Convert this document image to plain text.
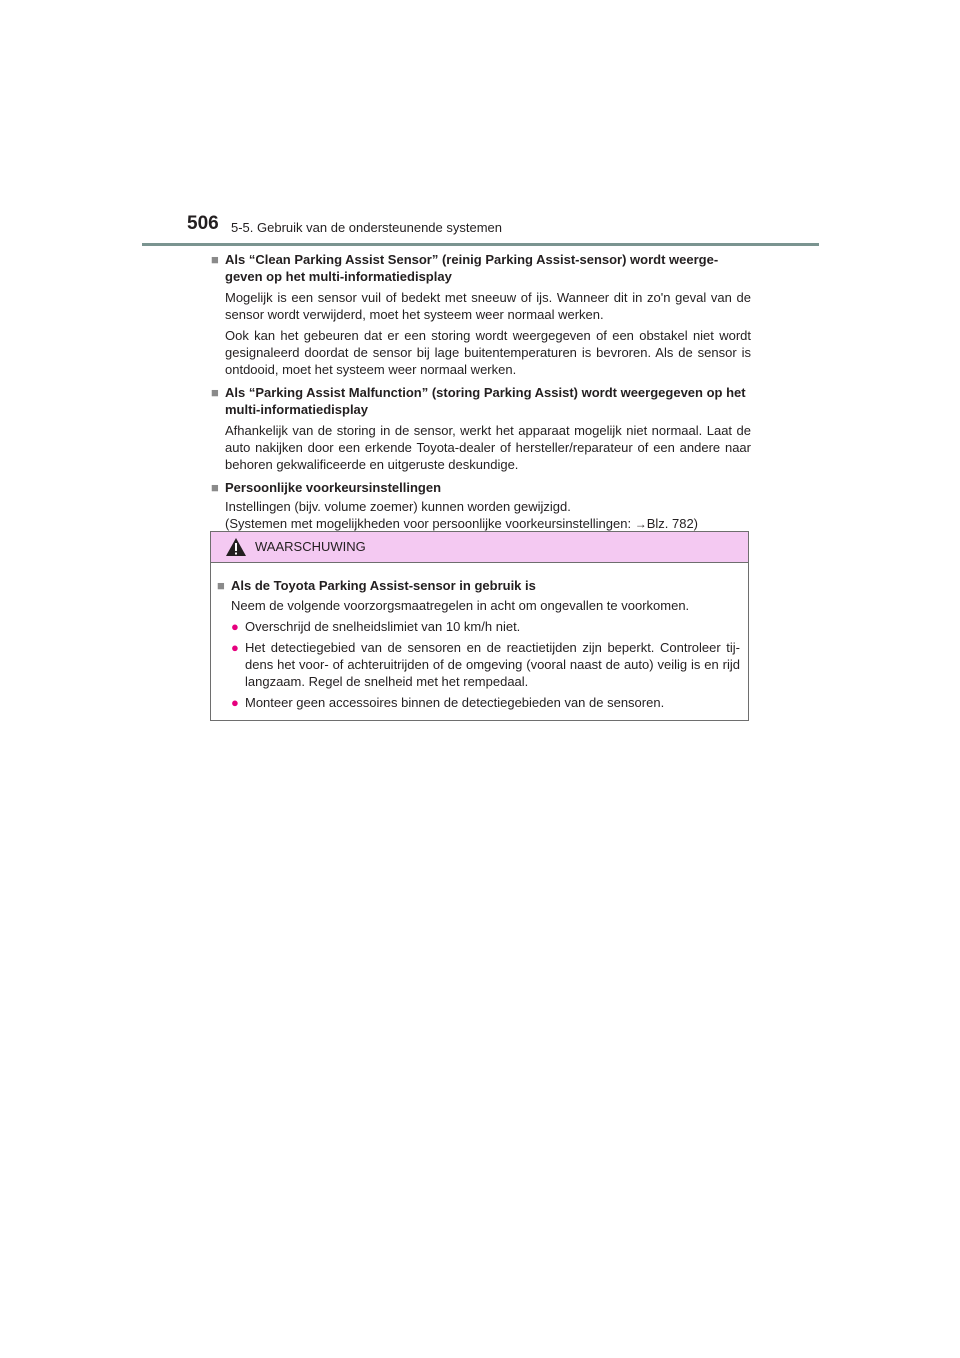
506 5-5. Gebruik van de ondersteunende systemen
■ Als “Clean Parking Assist Sensor” (reinig Parking Assist-sensor) wordt weerge-geven op het multi-informatiedisplay
Mogelijk is een sensor vuil of bedekt met sneeuw of ijs. Wanneer dit in zo'n geval van de sensor wordt verwijderd, moet het systeem weer normaal werken.
Ook kan het gebeuren dat er een storing wordt weergegeven of een obstakel niet wordt gesignaleerd doordat de sensor bij lage buitentemperaturen is bevroren. Als de sensor is ontdooid, moet het systeem weer normaal werken.
■ Als “Parking Assist Malfunction” (storing Parking Assist) wordt weergegeven op het multi-informatiedisplay
Afhankelijk van de storing in de sensor, werkt het apparaat mogelijk niet normaal. Laat de auto nakijken door een erkende Toyota-dealer of hersteller/reparateur of een andere naar behoren gekwalificeerde en uitgeruste deskundige.
■ Persoonlijke voorkeursinstellingen
Instellingen (bijv. volume zoemer) kunnen worden gewijzigd.
(Systemen met mogelijkheden voor persoonlijke voorkeursinstellingen: →Blz. 782)
WAARSCHUWING
■ Als de Toyota Parking Assist-sensor in gebruik is
Neem de volgende voorzorgsmaatregelen in acht om ongevallen te voorkomen.
● Overschrijd de snelheidslimiet van 10 km/h niet.
● Het detectiegebied van de sensoren en de reactietijden zijn beperkt. Controleer tij-dens het voor- of achteruitrijden of de omgeving (vooral naast de auto) veilig is en rijd langzaam. Regel de snelheid met het rempedaal.
● Monteer geen accessoires binnen de detectiegebieden van de sensoren.
